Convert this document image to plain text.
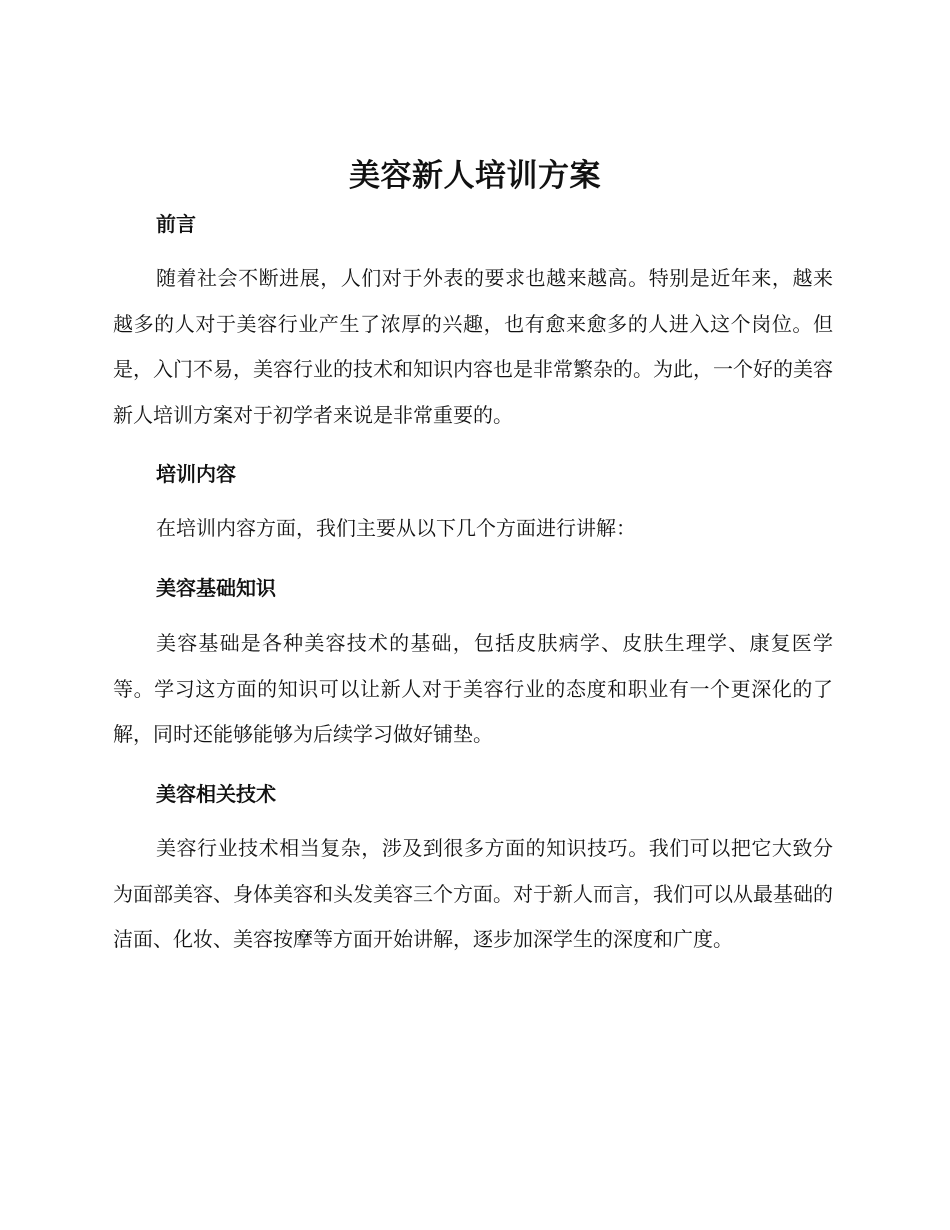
美容新人培训方案
前言

随着社会不断进展，人们对于外表的要求也越来越高。特别是近年来，越来越多的人对于美容行业产生了浓厚的兴趣，也有愈来愈多的人进入这个岗位。但是，入门不易，美容行业的技术和知识内容也是非常繁杂的。为此，一个好的美容新人培训方案对于初学者来说是非常重要的。

培训内容

在培训内容方面，我们主要从以下几个方面进行讲解：

美容基础知识

美容基础是各种美容技术的基础，包括皮肤病学、皮肤生理学、康复医学等。学习这方面的知识可以让新人对于美容行业的态度和职业有一个更深化的了解，同时还能够能够为后续学习做好铺垫。

美容相关技术

美容行业技术相当复杂，涉及到很多方面的知识技巧。我们可以把它大致分为面部美容、身体美容和头发美容三个方面。对于新人而言，我们可以从最基础的洁面、化妆、美容按摩等方面开始讲解，逐步加深学生的深度和广度。
